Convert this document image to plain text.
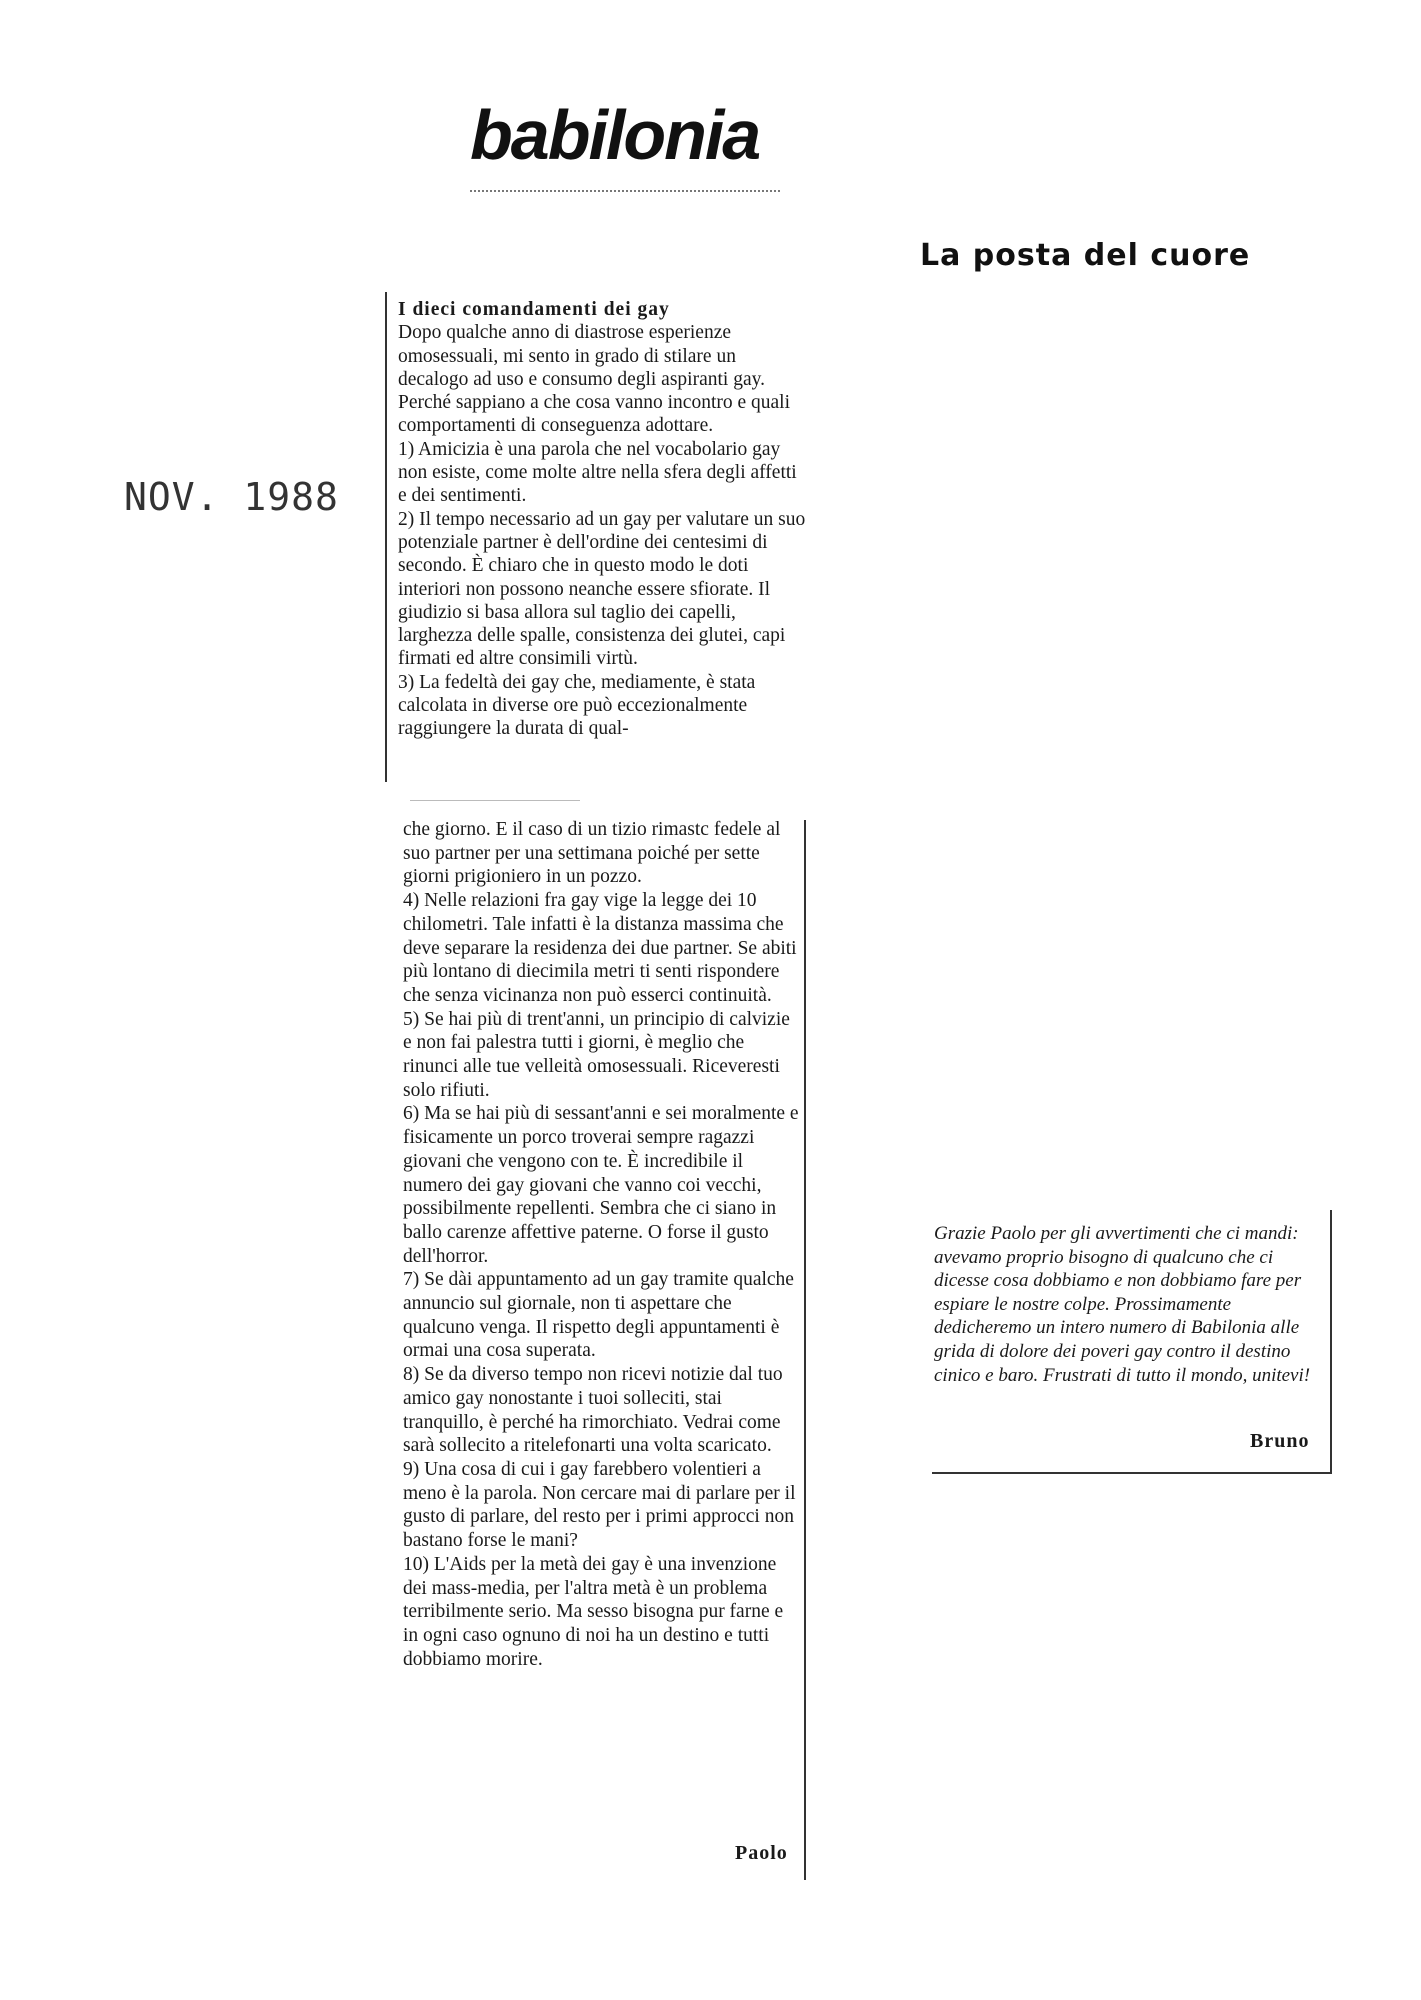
babilonia
NOV. 1988
La posta del cuore

I dieci comandamenti dei gay

Dopo qualche anno di diastrose esperienze omosessuali, mi sento in grado di stilare un decalogo ad uso e consumo degli aspiranti gay. Perché sappiano a che cosa vanno incontro e quali comportamenti di conseguenza adottare.

1) Amicizia è una parola che nel vocabolario gay non esiste, come molte altre nella sfera degli affetti e dei sentimenti.

2) Il tempo necessario ad un gay per valutare un suo potenziale partner è dell'ordine dei centesimi di secondo. È chiaro che in questo modo le doti interiori non possono neanche essere sfiorate. Il giudizio si basa allora sul taglio dei capelli, larghezza delle spalle, consistenza dei glutei, capi firmati ed altre consimili virtù.

3) La fedeltà dei gay che, mediamente, è stata calcolata in diverse ore può eccezionalmente raggiungere la durata di qual-

che giorno. E il caso di un tizio rimastc fedele al suo partner per una settimana poiché per sette giorni prigioniero in un pozzo.

4) Nelle relazioni fra gay vige la legge dei 10 chilometri. Tale infatti è la distanza massima che deve separare la residenza dei due partner. Se abiti più lontano di diecimila metri ti senti rispondere che senza vicinanza non può esserci continuità.

5) Se hai più di trent'anni, un principio di calvizie e non fai palestra tutti i giorni, è meglio che rinunci alle tue velleità omosessuali. Riceveresti solo rifiuti.

6) Ma se hai più di sessant'anni e sei moralmente e fisicamente un porco troverai sempre ragazzi giovani che vengono con te. È incredibile il numero dei gay giovani che vanno coi vecchi, possibilmente repellenti. Sembra che ci siano in ballo carenze affettive paterne. O forse il gusto dell'horror.

7) Se dài appuntamento ad un gay tramite qualche annuncio sul giornale, non ti aspettare che qualcuno venga. Il rispetto degli appuntamenti è ormai una cosa superata.

8) Se da diverso tempo non ricevi notizie dal tuo amico gay nonostante i tuoi solleciti, stai tranquillo, è perché ha rimorchiato. Vedrai come sarà sollecito a ritelefonarti una volta scaricato.

9) Una cosa di cui i gay farebbero volentieri a meno è la parola. Non cercare mai di parlare per il gusto di parlare, del resto per i primi approcci non bastano forse le mani?

10) L'Aids per la metà dei gay è una invenzione dei mass-media, per l'altra metà è un problema terribilmente serio. Ma sesso bisogna pur farne e in ogni caso ognuno di noi ha un destino e tutti dobbiamo morire.

Paolo
Grazie Paolo per gli avvertimenti che ci mandi: avevamo proprio bisogno di qualcuno che ci dicesse cosa dobbiamo e non dobbiamo fare per espiare le nostre colpe. Prossimamente dedicheremo un intero numero di Babilonia alle grida di dolore dei poveri gay contro il destino cinico e baro. Frustrati di tutto il mondo, unitevi!
Bruno
